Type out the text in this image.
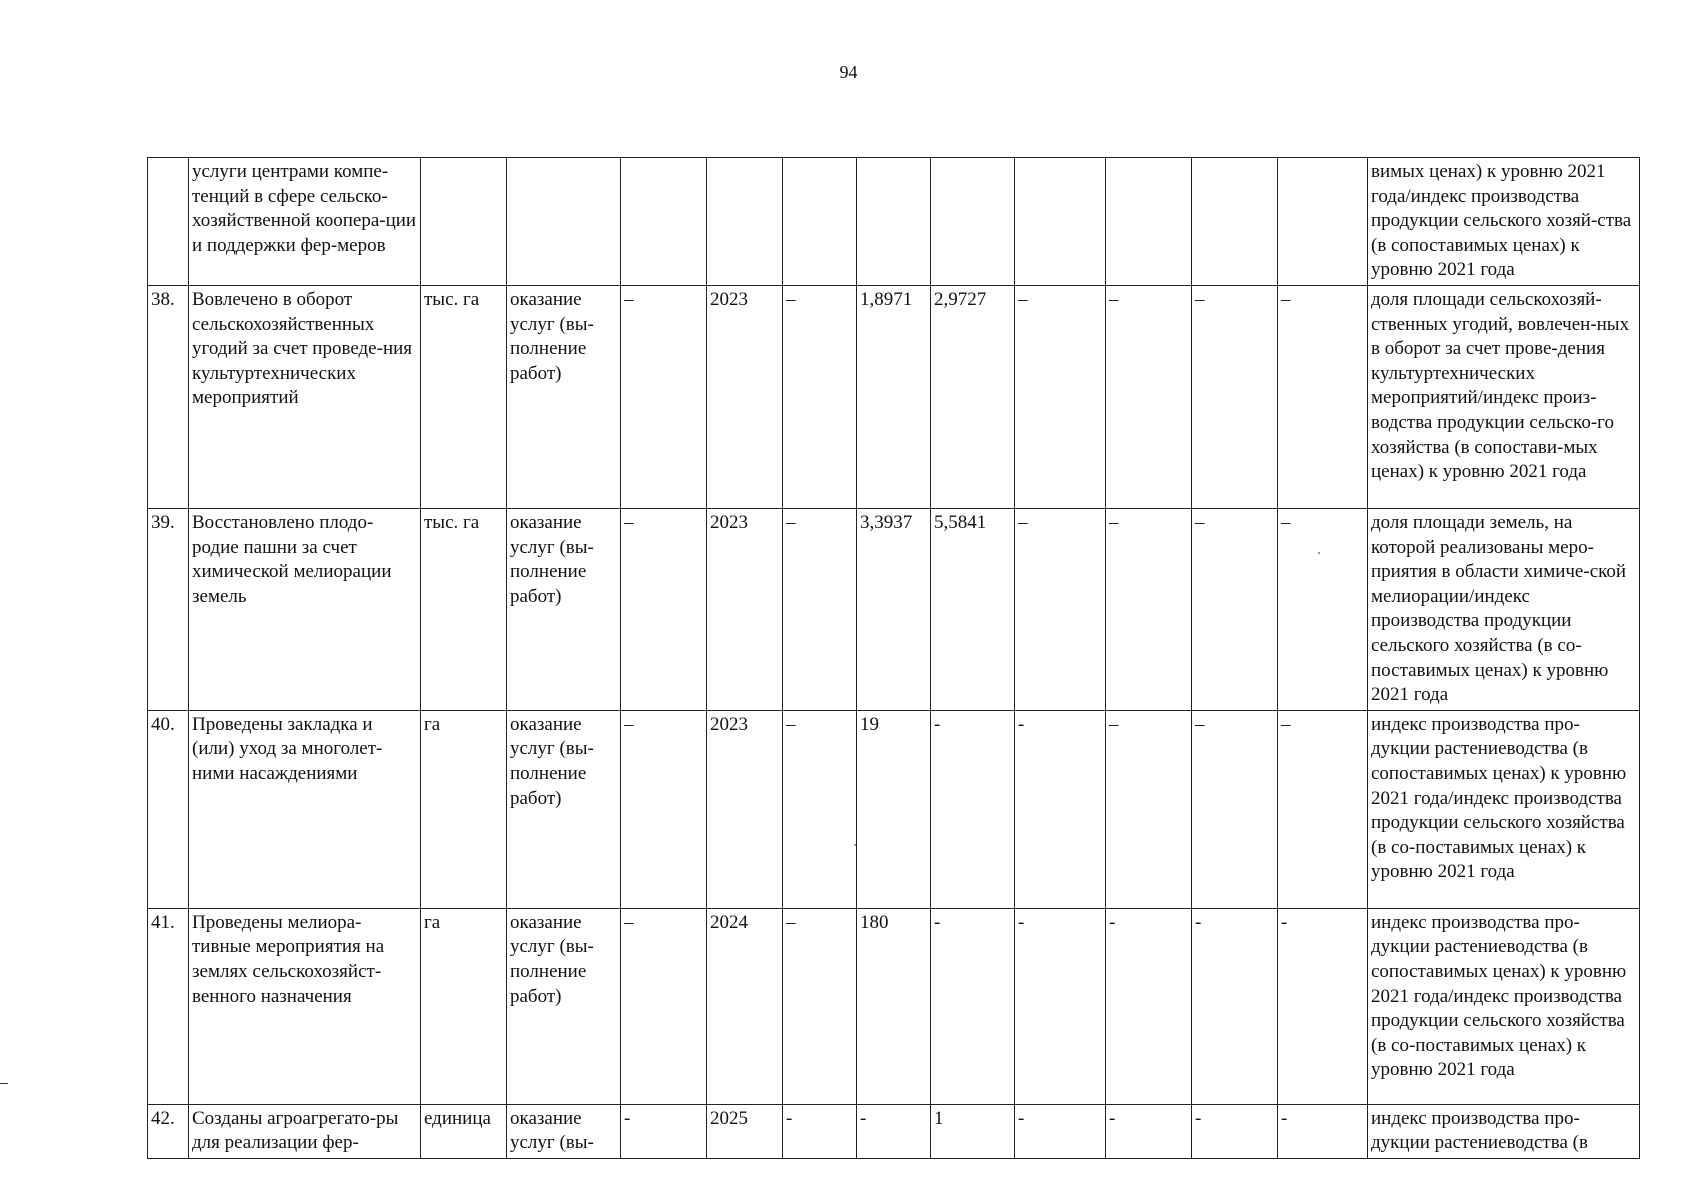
94
	услуги центрами компе-тенций в сфере сельско-хозяйственной коопера-ции и поддержки фер-меров												вимых ценах) к уровню 2021 года/индекс производства продукции сельского хозяй-ства (в сопоставимых ценах) к уровню 2021 года
38.	Вовлечено в оборот сельскохозяйственных угодий за счет проведе-ния культуртехнических мероприятий	тыс. га	оказание услуг (вы-полнение работ)	–	2023	–	1,8971	2,9727	–	–	–	–	доля площади сельскохозяй-ственных угодий, вовлечен-ных в оборот за счет прове-дения культуртехнических мероприятий/индекс произ-водства продукции сельско-го хозяйства (в сопостави-мых ценах) к уровню 2021 года
39.	Восстановлено плодо-родие пашни за счет химической мелиорации земель	тыс. га	оказание услуг (вы-полнение работ)	–	2023	–	3,3937	5,5841	–	–	–	–	доля площади земель, на которой реализованы меро-приятия в области химиче-ской мелиорации/индекс производства продукции сельского хозяйства (в со-поставимых ценах) к уровню 2021 года
40.	Проведены закладка и (или) уход за многолет-ними насаждениями	га	оказание услуг (вы-полнение работ)	–	2023	–	19	-	-	–	–	–	индекс производства про-дукции растениеводства (в сопоставимых ценах) к уровню 2021 года/индекс производства продукции сельского хозяйства (в со-поставимых ценах) к уровню 2021 года
41.	Проведены мелиора-тивные мероприятия на землях сельскохозяйст-венного назначения	га	оказание услуг (вы-полнение работ)	–	2024	–	180	-	-	-	-	-	индекс производства про-дукции растениеводства (в сопоставимых ценах) к уровню 2021 года/индекс производства продукции сельского хозяйства (в со-поставимых ценах) к уровню 2021 года
42.	Созданы агроагрегато-ры для реализации фер-	единица	оказание услуг (вы-	-	2025	-	-	1	-	-	-	-	индекс производства про-дукции растениеводства (в
